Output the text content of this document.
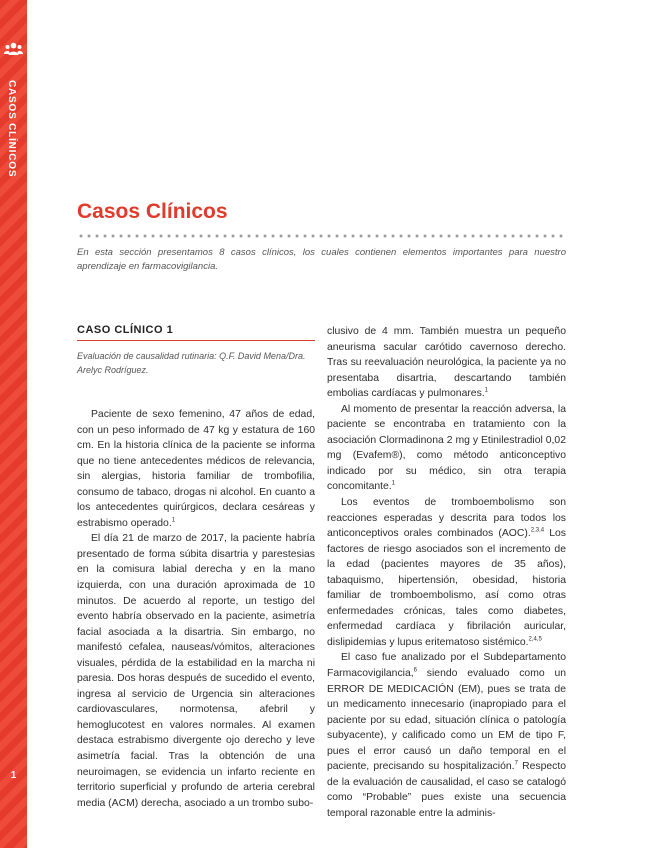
CASOS CLÍNICOS
1
Casos Clínicos

En esta sección presentamos 8 casos clínicos, los cuales contienen elementos importantes para nuestro aprendizaje en farmacovigilancia.

CASO CLÍNICO 1

Evaluación de causalidad rutinaria: Q.F. David Mena/Dra. Arelyc Rodríguez.

Paciente de sexo femenino, 47 años de edad, con un peso informado de 47 kg y estatura de 160 cm. En la historia clínica de la paciente se informa que no tiene antecedentes médicos de relevancia, sin alergias, historia familiar de trombofilia, consumo de tabaco, drogas ni alcohol. En cuanto a los antecedentes quirúrgicos, declara cesáreas y estrabismo operado.$^1$

El día 21 de marzo de 2017, la paciente habría presentado de forma súbita disartria y parestesias en la comisura labial derecha y en la mano izquierda, con una duración aproximada de 10 minutos. De acuerdo al reporte, un testigo del evento habría observado en la paciente, asimetría facial asociada a la disartria. Sin embargo, no manifestó cefalea, nauseas/vómitos, alteraciones visuales, pérdida de la estabilidad en la marcha ni paresia. Dos horas después de sucedido el evento, ingresa al servicio de Urgencia sin alteraciones cardiovasculares, normotensa, afebril y hemoglucotest en valores normales. Al examen destaca estrabismo divergente ojo derecho y leve asimetría facial. Tras la obtención de una neuroimagen, se evidencia un infarto reciente en territorio superficial y profundo de arteria cerebral media (ACM) derecha, asociado a un trombo subo-

clusivo de 4 mm. También muestra un pequeño aneurisma sacular carótido cavernoso derecho. Tras su reevaluación neurológica, la paciente ya no presentaba disartria, descartando también embolias cardíacas y pulmonares.$^1$

Al momento de presentar la reacción adversa, la paciente se encontraba en tratamiento con la asociación Clormadinona 2 mg y Etinilestradiol 0,02 mg (Evafem®), como método anticonceptivo indicado por su médico, sin otra terapia concomitante.$^1$

Los eventos de tromboembolismo son reacciones esperadas y descrita para todos los anticonceptivos orales combinados (AOC).$^{2,3,4}$ Los factores de riesgo asociados son el incremento de la edad (pacientes mayores de 35 años), tabaquismo, hipertensión, obesidad, historia familiar de tromboembolismo, así como otras enfermedades crónicas, tales como diabetes, enfermedad cardíaca y fibrilación auricular, dislipidemias y lupus eritematoso sistémico.$^{2,4,5}$

El caso fue analizado por el Subdepartamento Farmacovigilancia,$^6$ siendo evaluado como un ERROR DE MEDICACIÓN (EM), pues se trata de un medicamento innecesario (inapropiado para el paciente por su edad, situación clínica o patología subyacente), y calificado como un EM de tipo F, pues el error causó un daño temporal en el paciente, precisando su hospitalización.$^7$ Respecto de la evaluación de causalidad, el caso se catalogó como “Probable” pues existe una secuencia temporal razonable entre la adminis-
